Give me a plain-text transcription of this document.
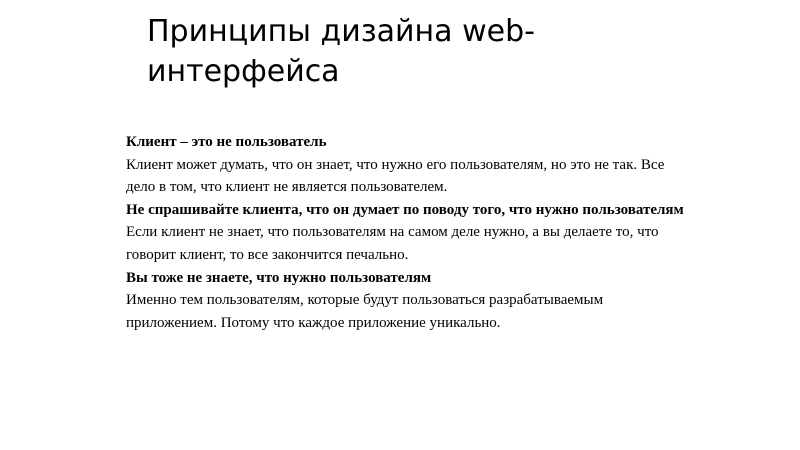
Принципы дизайна web-интерфейса

Клиент – это не пользователь

Клиент может думать, что он знает, что нужно его пользователям, но это не так. Все дело в том, что клиент не является пользователем.

Не спрашивайте клиента, что он думает по поводу того, что нужно пользователям

Если клиент не знает, что пользователям на самом деле нужно, а вы делаете то, что говорит клиент, то все закончится печально.

Вы тоже не знаете, что нужно пользователям

Именно тем пользователям, которые будут пользоваться разрабатываемым приложением. Потому что каждое приложение уникально.
